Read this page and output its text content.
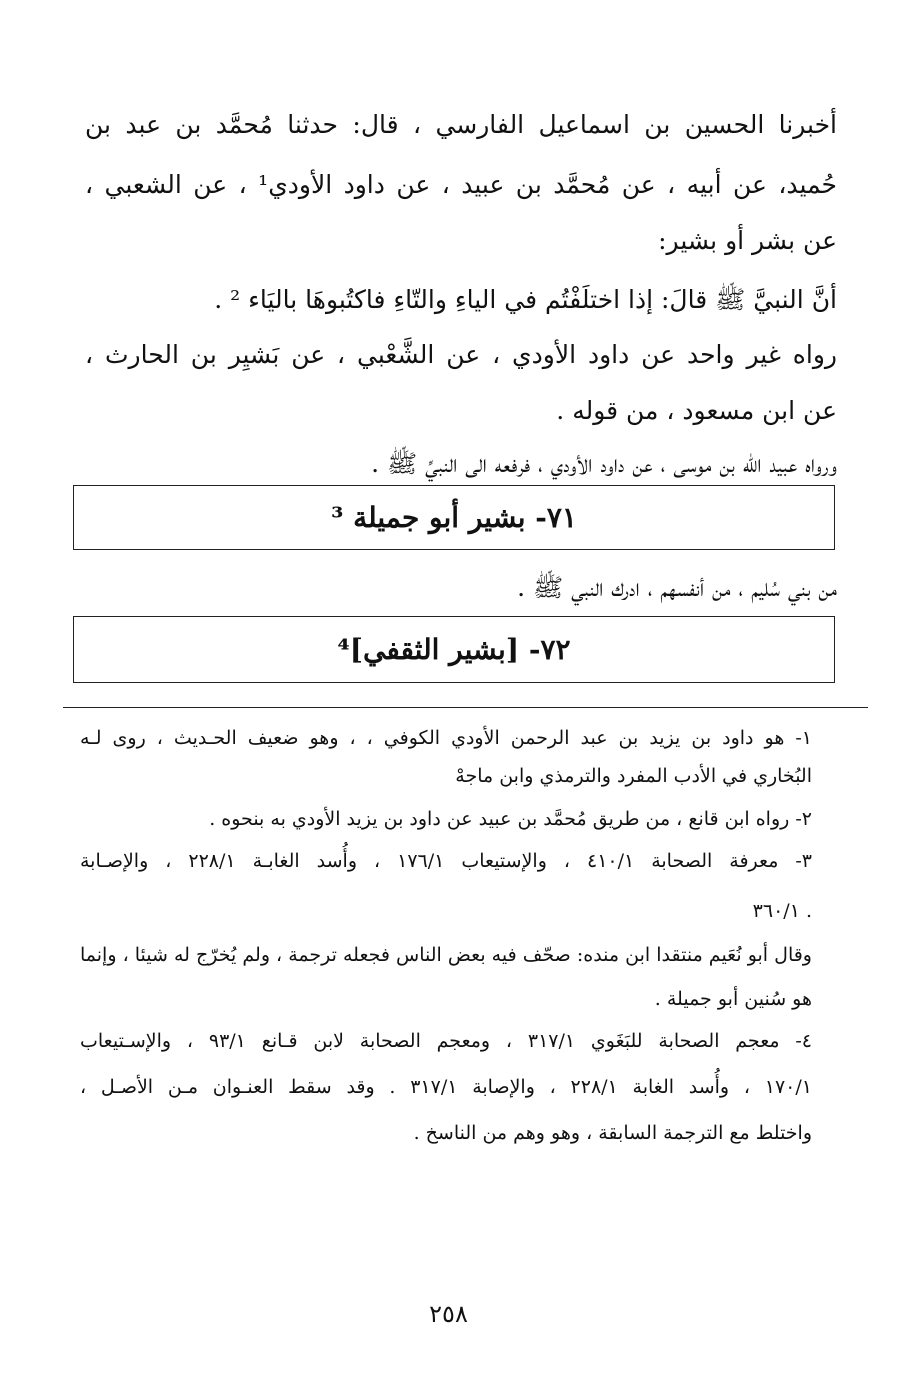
أخبرنا الحسين بن اسماعيل الفارسي ، قال: حدثنا مُحمَّد بن عبد بن
حُميد، عن أبيه ، عن مُحمَّد بن عبيد ، عن داود الأودي¹ ، عن الشعبي ،
عن بشر أو بشير:
أنَّ النبيَّ ﷺ قالَ: إذا اختلَفْتُم في الياءِ والتّاءِ فاكتُبوهَا باليَاء ² .
رواه غير واحد عن داود الأودي ، عن الشَّعْبي ، عن بَشيِر بن الحارث ،
عن ابن مسعود ، من قوله .
ورواه عبيد الله بن موسى ، عن داود الأودي ، فرفعه الى النبيِّ ﷺ .
٧١- بشير أبو جميلة ³
من بني سُليم ، من أنفسهم ، ادرك النبي ﷺ .
٧٢- [بشير الثقفي]⁴
١- هو داود بن يزيد بن عبد الرحمن الأودي الكوفي ، ، وهو ضعيف الحـديث ، روى لـه
البُخاري في الأدب المفرد والترمذي وابن ماجهْ
٢- رواه ابن قانع ، من طريق مُحمَّد بن عبيد عن داود بن يزيد الأودي به بنحوه .
٣- معرفة الصحابة ٤١٠/١ ، والإستيعاب ١٧٦/١ ، وأُسد الغابـة ٢٢٨/١ ، والإصـابة
٣٦٠/١ .
وقال أبو نُعَيم منتقدا ابن منده: صحّف فيه بعض الناس فجعله ترجمة ، ولم يُخرّج له شيئا ، وإنما
هو سُنين أبو جميلة .
٤- معجم الصحابة للبَغَوي ٣١٧/١ ، ومعجم الصحابة لابن قـانع ٩٣/١ ، والإسـتيعاب
١٧٠/١ ، وأُسد الغابة ٢٢٨/١ ، والإصابة ٣١٧/١ . وقد سقط العنـوان مـن الأصـل ،
واختلط مع الترجمة السابقة ، وهو وهم من الناسخ .
٢٥٨
